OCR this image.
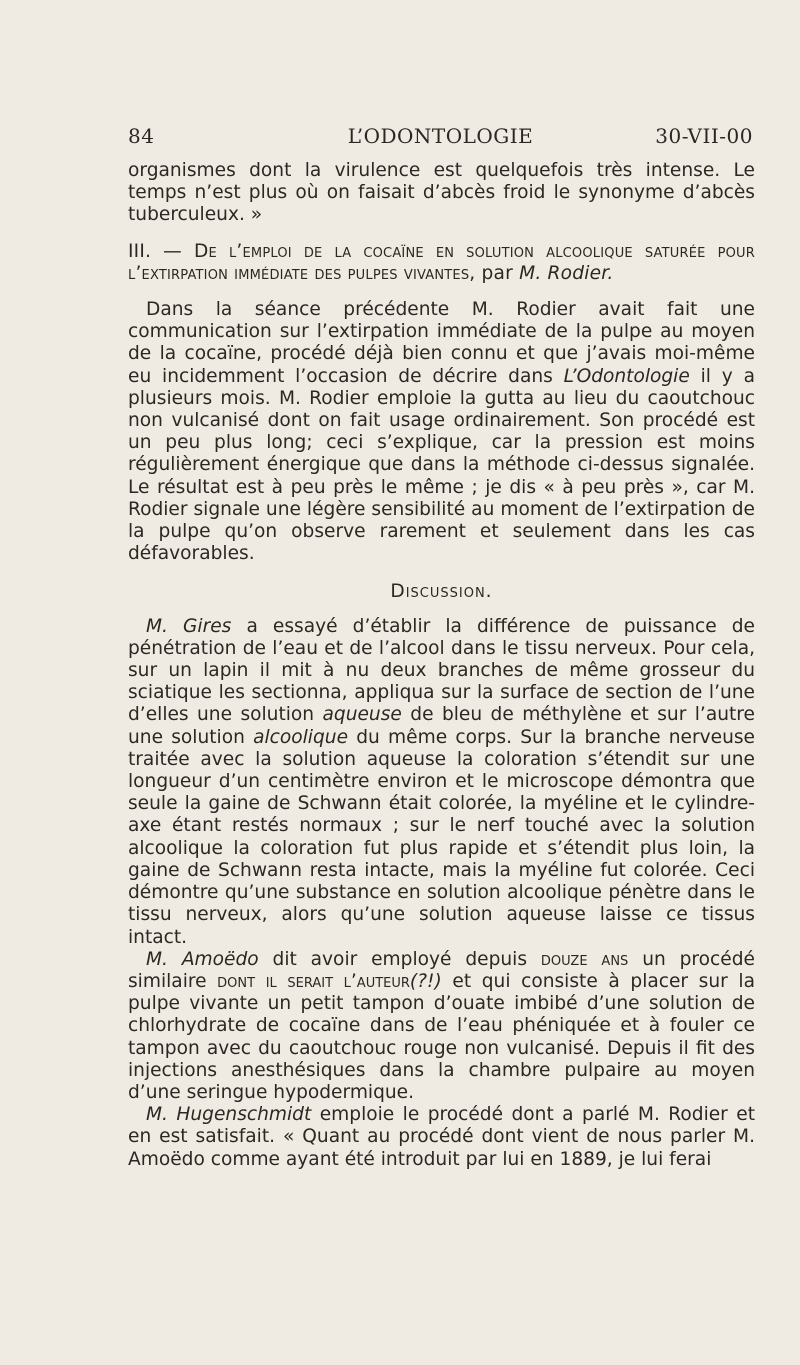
84	L’ODONTOLOGIE	30-VII-00

organismes dont la virulence est quelquefois très intense. Le temps n’est plus où on faisait d’abcès froid le synonyme d’abcès tuberculeux. »

III. — De l’emploi de la cocaïne en solution alcoolique saturée pour l’extirpation immédiate des pulpes vivantes, par M. Rodier.

Dans la séance précédente M. Rodier avait fait une communication sur l’extirpation immédiate de la pulpe au moyen de la cocaïne, procédé déjà bien connu et que j’avais moi-même eu incidemment l’occasion de décrire dans L’Odontologie il y a plusieurs mois. M. Rodier emploie la gutta au lieu du caoutchouc non vulcanisé dont on fait usage ordinairement. Son procédé est un peu plus long; ceci s’explique, car la pression est moins régulièrement énergique que dans la méthode ci-dessus signalée. Le résultat est à peu près le même ; je dis « à peu près », car M. Rodier signale une légère sensibilité au moment de l’extirpation de la pulpe qu’on observe rarement et seulement dans les cas défavorables.

Discussion.

M. Gires a essayé d’établir la différence de puissance de pénétration de l’eau et de l’alcool dans le tissu nerveux. Pour cela, sur un lapin il mit à nu deux branches de même grosseur du sciatique les sectionna, appliqua sur la surface de section de l’une d’elles une solution aqueuse de bleu de méthylène et sur l’autre une solution alcoolique du même corps. Sur la branche nerveuse traitée avec la solution aqueuse la coloration s’étendit sur une longueur d’un centimètre environ et le microscope démontra que seule la gaine de Schwann était colorée, la myéline et le cylindre-axe étant restés normaux ; sur le nerf touché avec la solution alcoolique la coloration fut plus rapide et s’étendit plus loin, la gaine de Schwann resta intacte, mais la myéline fut colorée. Ceci démontre qu’une substance en solution alcoolique pénètre dans le tissu nerveux, alors qu’une solution aqueuse laisse ce tissus intact.

M. Amoëdo dit avoir employé depuis douze ans un procédé similaire dont il serait l’auteur(?!) et qui consiste à placer sur la pulpe vivante un petit tampon d’ouate imbibé d’une solution de chlorhydrate de cocaïne dans de l’eau phéniquée et à fouler ce tampon avec du caoutchouc rouge non vulcanisé. Depuis il fit des injections anesthésiques dans la chambre pulpaire au moyen d’une seringue hypodermique.

M. Hugenschmidt emploie le procédé dont a parlé M. Rodier et en est satisfait. « Quant au procédé dont vient de nous parler M. Amoëdo comme ayant été introduit par lui en 1889, je lui ferai
